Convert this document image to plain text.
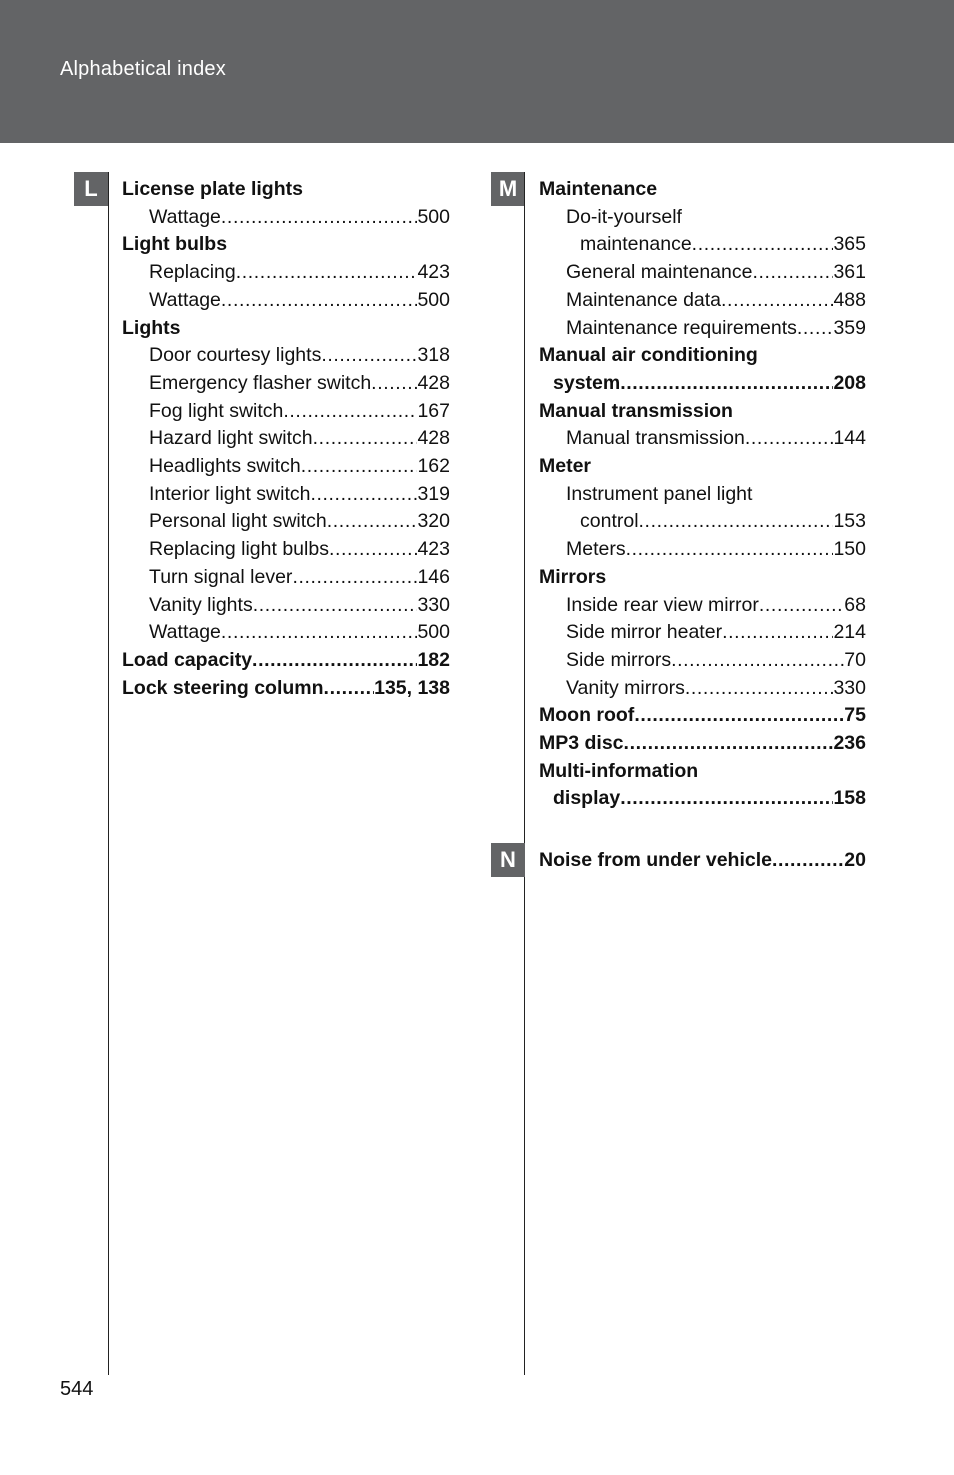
Alphabetical index
L	License plate lights
Wattage .....	500
Light bulbs
Replacing .....	423
Wattage .....	500
Lights
Door courtesy lights .....	318
Emergency flasher switch ..... 428
Fog light switch .....	167
Hazard light switch .....	428
Headlights switch .....	162
Interior light switch .....	319
Personal light switch .....	320
Replacing light bulbs .....	423
Turn signal lever .....	146
Vanity lights .....	330
Wattage .....	500
Load capacity .....	182
Lock steering column .....	135, 138
M	Maintenance
Do-it-yourself
maintenance .....	365
General maintenance .....	361
Maintenance data .....	488
Maintenance requirements ..... 359
Manual air conditioning
system .....	208
Manual transmission
Manual transmission .....	144
Meter
Instrument panel light
control .....	153
Meters .....	150
Mirrors
Inside rear view mirror .....	68
Side mirror heater .....	214
Side mirrors .....	70
Vanity mirrors .....	330
Moon roof .....	75
MP3 disc .....	236
Multi-information
display .....	158
N	Noise from under vehicle .....	20
544
